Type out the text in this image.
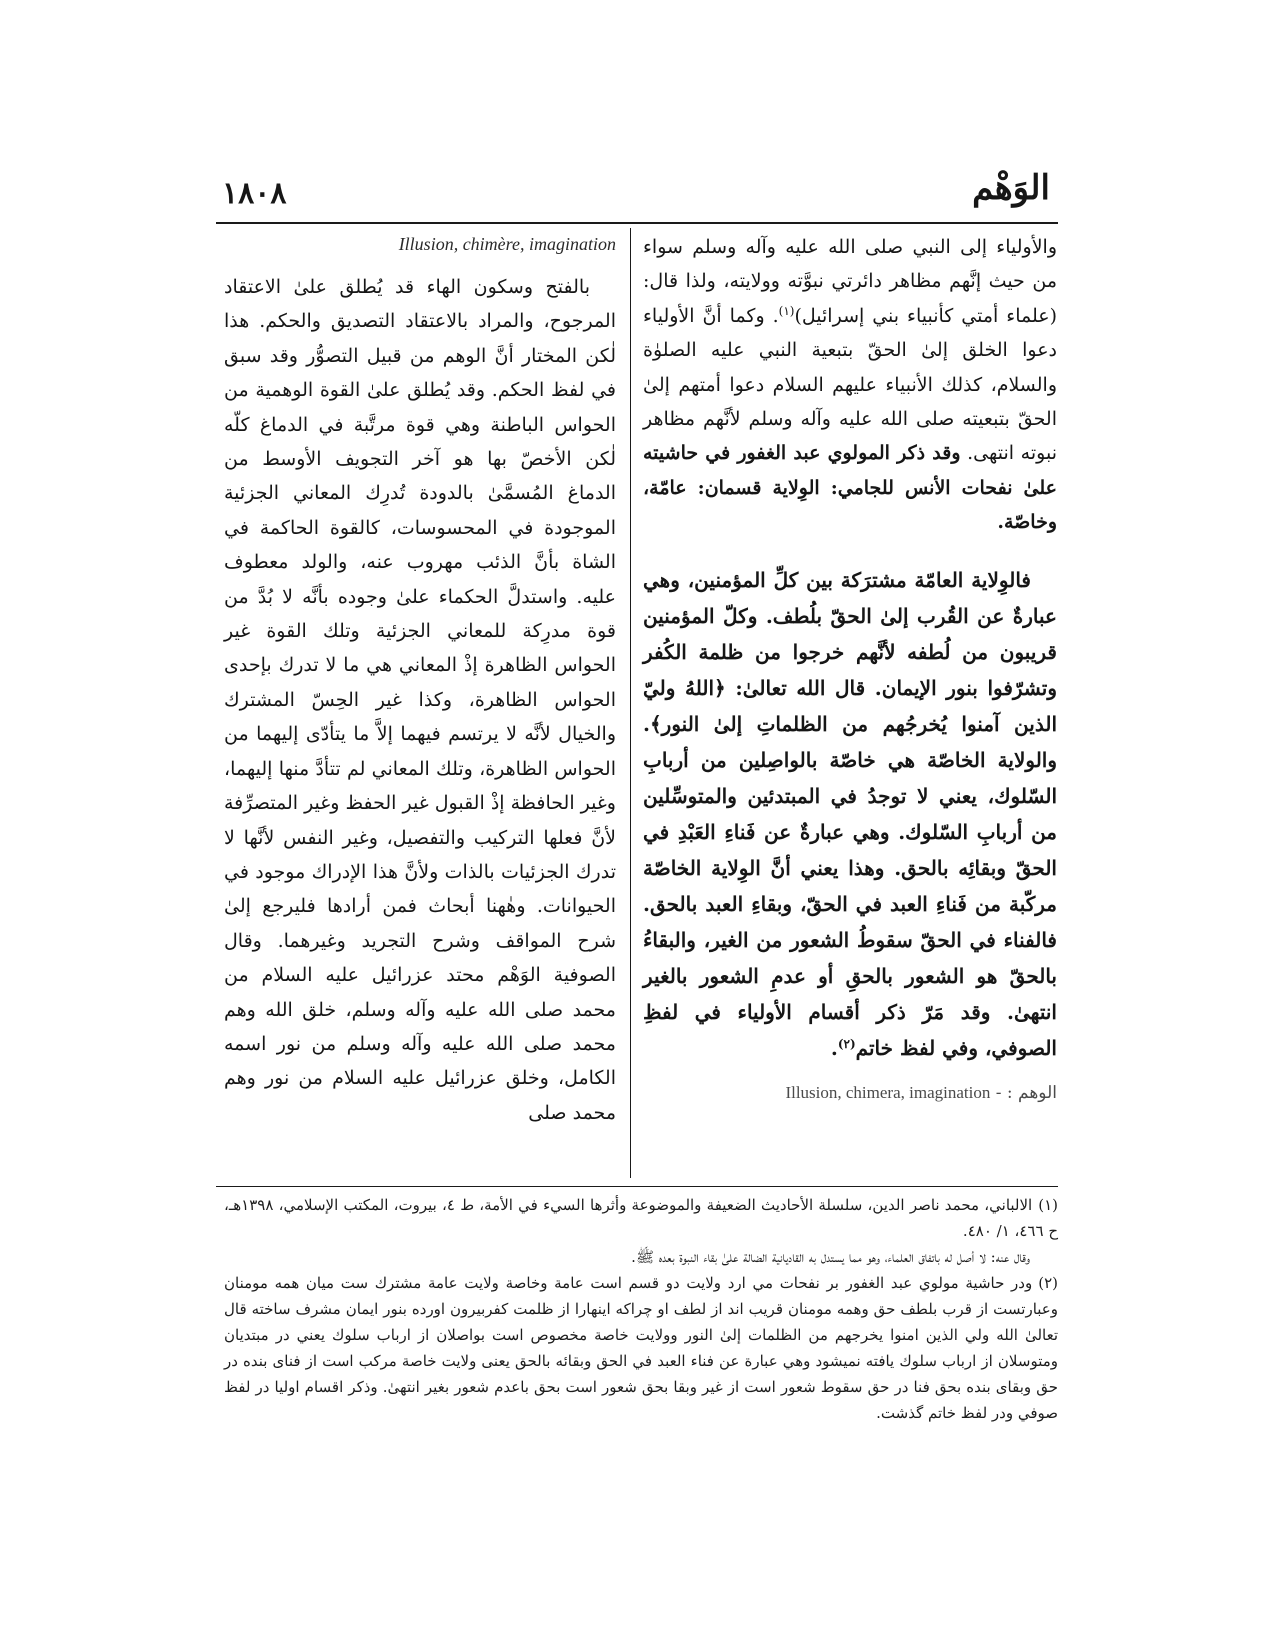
الوَهْم
١٨٠٨

والأولياء إلى النبي صلى الله عليه وآله وسلم سواء من حيث إنَّهم مظاهر دائرتي نبوَّته وولايته، ولذا قال: (علماء أمتي كأنبياء بني إسرائيل)$^{(١)}$. وكما أنَّ الأولياء دعوا الخلق إلىٰ الحقّ بتبعية النبي عليه الصلوٰة والسلام، كذلك الأنبياء عليهم السلام دعوا أمتهم إلىٰ الحقّ بتبعيته صلى الله عليه وآله وسلم لأنَّهم مظاهر نبوته انتهى. وقد ذكر المولوي عبد الغفور في حاشيته علىٰ نفحات الأنس للجامي: الوِلاية قسمان: عامّة، وخاصّة.

فالوِلاية العامّة مشترَكة بين كلِّ المؤمنين، وهي عبارةٌ عن القُرب إلىٰ الحقّ بلُطف. وكلّ المؤمنين قريبون من لُطفه لأنَّهم خرجوا من ظلمة الكُفر وتشرّفوا بنور الإيمان. قال الله تعالىٰ: ﴿اللهُ وليّ الذين آمنوا يُخرجُهم من الظلماتِ إلىٰ النور﴾. والولاية الخاصّة هي خاصّة بالواصِلين من أربابِ السّلوك، يعني لا توجدُ في المبتدئين والمتوسِّلين من أربابِ السّلوك. وهي عبارةٌ عن فَناءِ العَبْدِ في الحقّ وبقائِه بالحق. وهذا يعني أنَّ الوِلاية الخاصّة مركّبة من فَناءِ العبد في الحقّ، وبقاءِ العبد بالحق. فالفناء في الحقّ سقوطُ الشعور من الغير، والبقاءُ بالحقّ هو الشعور بالحقِ أو عدمِ الشعور بالغير انتهىٰ. وقد مَرّ ذكر أقسام الأولياء في لفظِ الصوفي، وفي لفظ خاتم$^{(٢)}$.

الوهم : - Illusion, chimera, imagination
Illusion, chimère, imagination

بالفتح وسكون الهاء قد يُطلق علىٰ الاعتقاد المرجوح، والمراد بالاعتقاد التصديق والحكم. هذا لٰكن المختار أنَّ الوهم من قبيل التصوُّر وقد سبق في لفظ الحكم. وقد يُطلق علىٰ القوة الوهمية من الحواس الباطنة وهي قوة مرتَّبة في الدماغ كلّه لٰكن الأخصّ بها هو آخر التجويف الأوسط من الدماغ المُسمَّىٰ بالدودة تُدرِك المعاني الجزئية الموجودة في المحسوسات، كالقوة الحاكمة في الشاة بأنَّ الذئب مهروب عنه، والولد معطوف عليه. واستدلَّ الحكماء علىٰ وجوده بأنَّه لا بُدَّ من قوة مدرِكة للمعاني الجزئية وتلك القوة غير الحواس الظاهرة إذْ المعاني هي ما لا تدرك بإحدى الحواس الظاهرة، وكذا غير الحِسّ المشترك والخيال لأنَّه لا يرتسم فيهما إلاَّ ما يتأدّى إليهما من الحواس الظاهرة، وتلك المعاني لم تتأدَّ منها إليهما، وغير الحافظة إذْ القبول غير الحفظ وغير المتصرِّفة لأنَّ فعلها التركيب والتفصيل، وغير النفس لأنَّها لا تدرك الجزئيات بالذات ولأنَّ هذا الإدراك موجود في الحيوانات. وهٰهنا أبحاث فمن أرادها فليرجع إلىٰ شرح المواقف وشرح التجريد وغيرهما. وقال الصوفية الوَهْم محتد عزرائيل عليه السلام من محمد صلى الله عليه وآله وسلم، خلق الله وهم محمد صلى الله عليه وآله وسلم من نور اسمه الكامل، وخلق عزرائيل عليه السلام من نور وهم محمد صلى

(١)الالباني، محمد ناصر الدين، سلسلة الأحاديث الضعيفة والموضوعة وأثرها السيء في الأمة، ط ٤، بيروت، المكتب الإسلامي، ١٣٩٨هـ، ح ٤٦٦، ١/ ٤٨٠.

وقال عنه: لا أصل له باتفاق العلماء، وهو مما يستدل به القاديانية الضالة علىٰ بقاء النبوة بعده ﷺ.

(٢)ودر حاشية مولوي عبد الغفور بر نفحات مي ارد ولايت دو قسم است عامة وخاصة ولايت عامة مشترك ست ميان همه مومنان وعبارتست از قرب بلطف حق وهمه مومنان قريب اند از لطف او چراكه اينهارا از ظلمت كفربيرون اورده بنور ايمان مشرف ساخته قال تعالىٰ الله ولي الذين امنوا يخرجهم من الظلمات إلىٰ النور وولايت خاصة مخصوص است بواصلان از ارباب سلوك يعني در مبتديان ومتوسلان از ارباب سلوك يافته نميشود وهي عبارة عن فناء العبد في الحق وبقائه بالحق يعنى ولايت خاصة مركب است از فناى بنده در حق وبقاى بنده بحق فنا در حق سقوط شعور است از غير وبقا بحق شعور است بحق باعدم شعور بغير انتهىٰ. وذكر اقسام اوليا در لفظ صوفي ودر لفظ خاتم گذشت.
